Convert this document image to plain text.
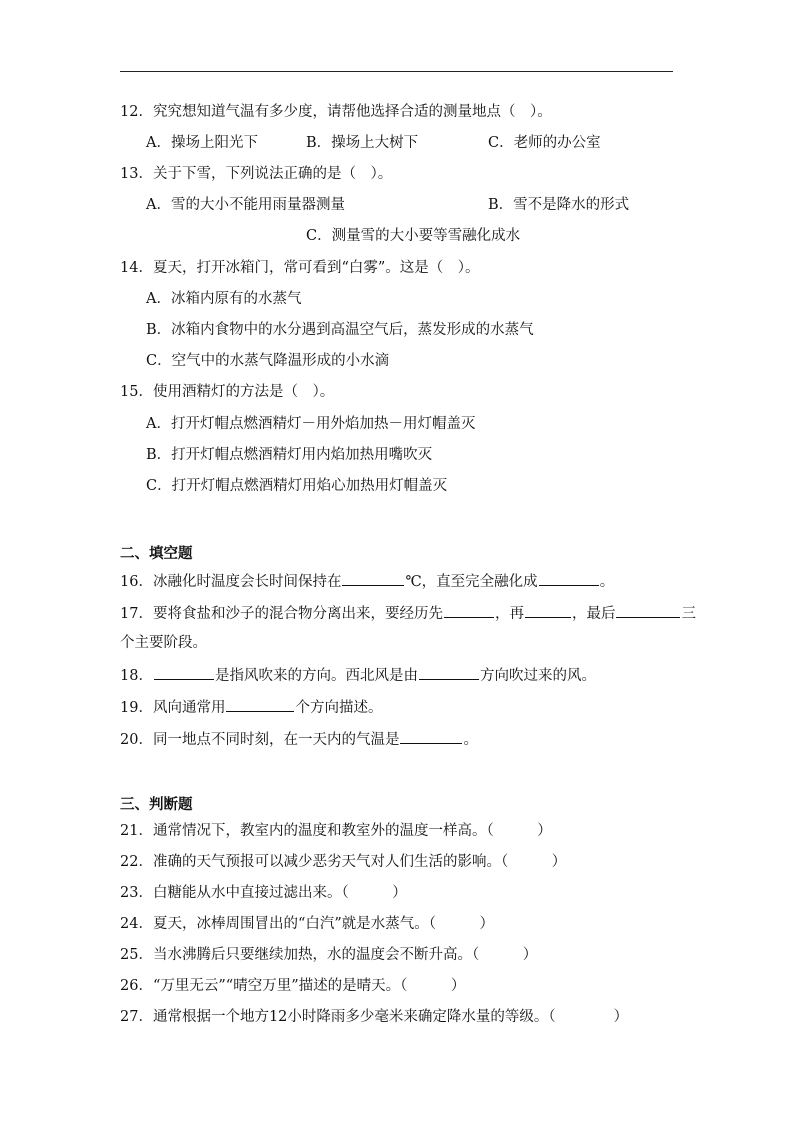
12．究究想知道气温有多少度，请帮他选择合适的测量地点（　）。
A．操场上阳光下	B．操场上大树下	C．老师的办公室
13．关于下雪，下列说法正确的是（　）。
A．雪的大小不能用雨量器测量	B．雪不是降水的形式
C．测量雪的大小要等雪融化成水
14．夏天，打开冰箱门，常可看到“白雾”。这是（　）。
A．冰箱内原有的水蒸气
B．冰箱内食物中的水分遇到高温空气后，蒸发形成的水蒸气
C．空气中的水蒸气降温形成的小水滴
15．使用酒精灯的方法是（　）。
A．打开灯帽点燃酒精灯－用外焰加热－用灯帽盖灭
B．打开灯帽点燃酒精灯用内焰加热用嘴吹灭
C．打开灯帽点燃酒精灯用焰心加热用灯帽盖灭
二、填空题
16．冰融化时温度会长时间保持在	℃，直至完全融化成	。
17．要将食盐和沙子的混合物分离出来，要经历先	，再	，最后	三
个主要阶段。
18．	是指风吹来的方向。西北风是由	方向吹过来的风。
19．风向通常用	个方向描述。
20．同一地点不同时刻，在一天内的气温是	。
三、判断题
21．通常情况下，教室内的温度和教室外的温度一样高。（　　　）
22．准确的天气预报可以减少恶劣天气对人们生活的影响。（　　　）
23．白糖能从水中直接过滤出来。（　　　）
24．夏天，冰棒周围冒出的“白汽”就是水蒸气。（　　　）
25．当水沸腾后只要继续加热，水的温度会不断升高。（　　　）
26．“万里无云”“晴空万里”描述的是晴天。（　　　）
27．通常根据一个地方12小时降雨多少毫米来确定降水量的等级。（　　　　）
